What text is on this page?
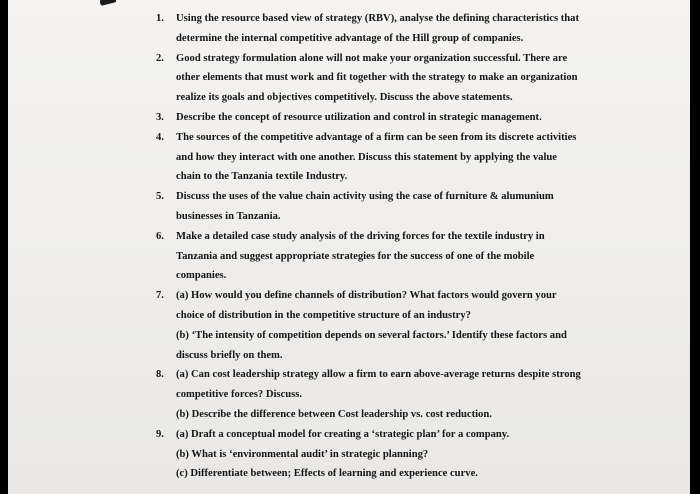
1. Using the resource based view of strategy (RBV), analyse the defining characteristics that
determine the internal competitive advantage of the Hill group of companies.
2. Good strategy formulation alone will not make your organization successful. There are
other elements that must work and fit together with the strategy to make an organization
realize its goals and objectives competitively. Discuss the above statements.
3. Describe the concept of resource utilization and control in strategic management.
4. The sources of the competitive advantage of a firm can be seen from its discrete activities
and how they interact with one another. Discuss this statement by applying the value
chain to the Tanzania textile Industry.
5. Discuss the uses of the value chain activity using the case of furniture & alumunium
businesses in Tanzania.
6. Make a detailed case study analysis of the driving forces for the textile industry in
Tanzania and suggest appropriate strategies for the success of one of the mobile
companies.
7. (a) How would you define channels of distribution? What factors would govern your
choice of distribution in the competitive structure of an industry?
(b) ‘The intensity of competition depends on several factors.’ Identify these factors and
discuss briefly on them.
8. (a) Can cost leadership strategy allow a firm to earn above-average returns despite strong
competitive forces? Discuss.
(b) Describe the difference between Cost leadership vs. cost reduction.
9. (a) Draft a conceptual model for creating a ‘strategic plan’ for a company.
(b) What is ‘environmental audit’ in strategic planning?
(c) Differentiate between; Effects of learning and experience curve.
